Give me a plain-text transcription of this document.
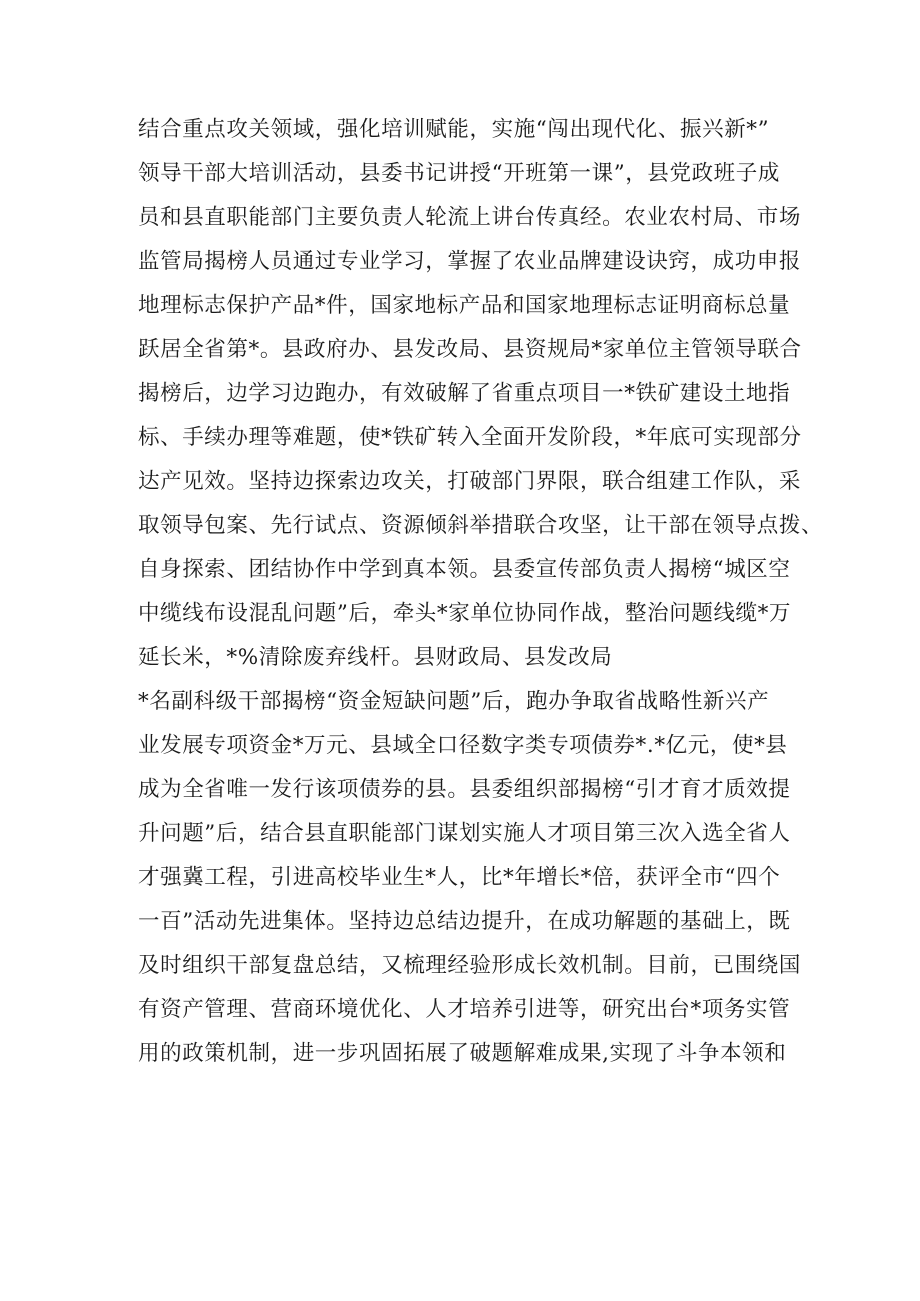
结合重点攻关领域，强化培训赋能，实施“闯出现代化、振兴新*”
领导干部大培训活动，县委书记讲授“开班第一课”，县党政班子成
员和县直职能部门主要负责人轮流上讲台传真经。农业农村局、市场
监管局揭榜人员通过专业学习，掌握了农业品牌建设诀窍，成功申报
地理标志保护产品*件，国家地标产品和国家地理标志证明商标总量
跃居全省第*。县政府办、县发改局、县资规局*家单位主管领导联合
揭榜后，边学习边跑办，有效破解了省重点项目一*铁矿建设土地指
标、手续办理等难题，使*铁矿转入全面开发阶段，*年底可实现部分
达产见效。坚持边探索边攻关，打破部门界限，联合组建工作队，采
取领导包案、先行试点、资源倾斜举措联合攻坚，让干部在领导点拨、
自身探索、团结协作中学到真本领。县委宣传部负责人揭榜“城区空
中缆线布设混乱问题”后，牵头*家单位协同作战，整治问题线缆*万
延长米，*%清除废弃线杆。县财政局、县发改局
*名副科级干部揭榜“资金短缺问题”后，跑办争取省战略性新兴产
业发展专项资金*万元、县域全口径数字类专项债券*.*亿元，使*县
成为全省唯一发行该项债券的县。县委组织部揭榜“引才育才质效提
升问题”后，结合县直职能部门谋划实施人才项目第三次入选全省人
才强冀工程，引进高校毕业生*人，比*年增长*倍，获评全市“四个
一百”活动先进集体。坚持边总结边提升，在成功解题的基础上，既
及时组织干部复盘总结，又梳理经验形成长效机制。目前，已围绕国
有资产管理、营商环境优化、人才培养引进等，研究出台*项务实管
用的政策机制，进一步巩固拓展了破题解难成果,实现了斗争本领和
